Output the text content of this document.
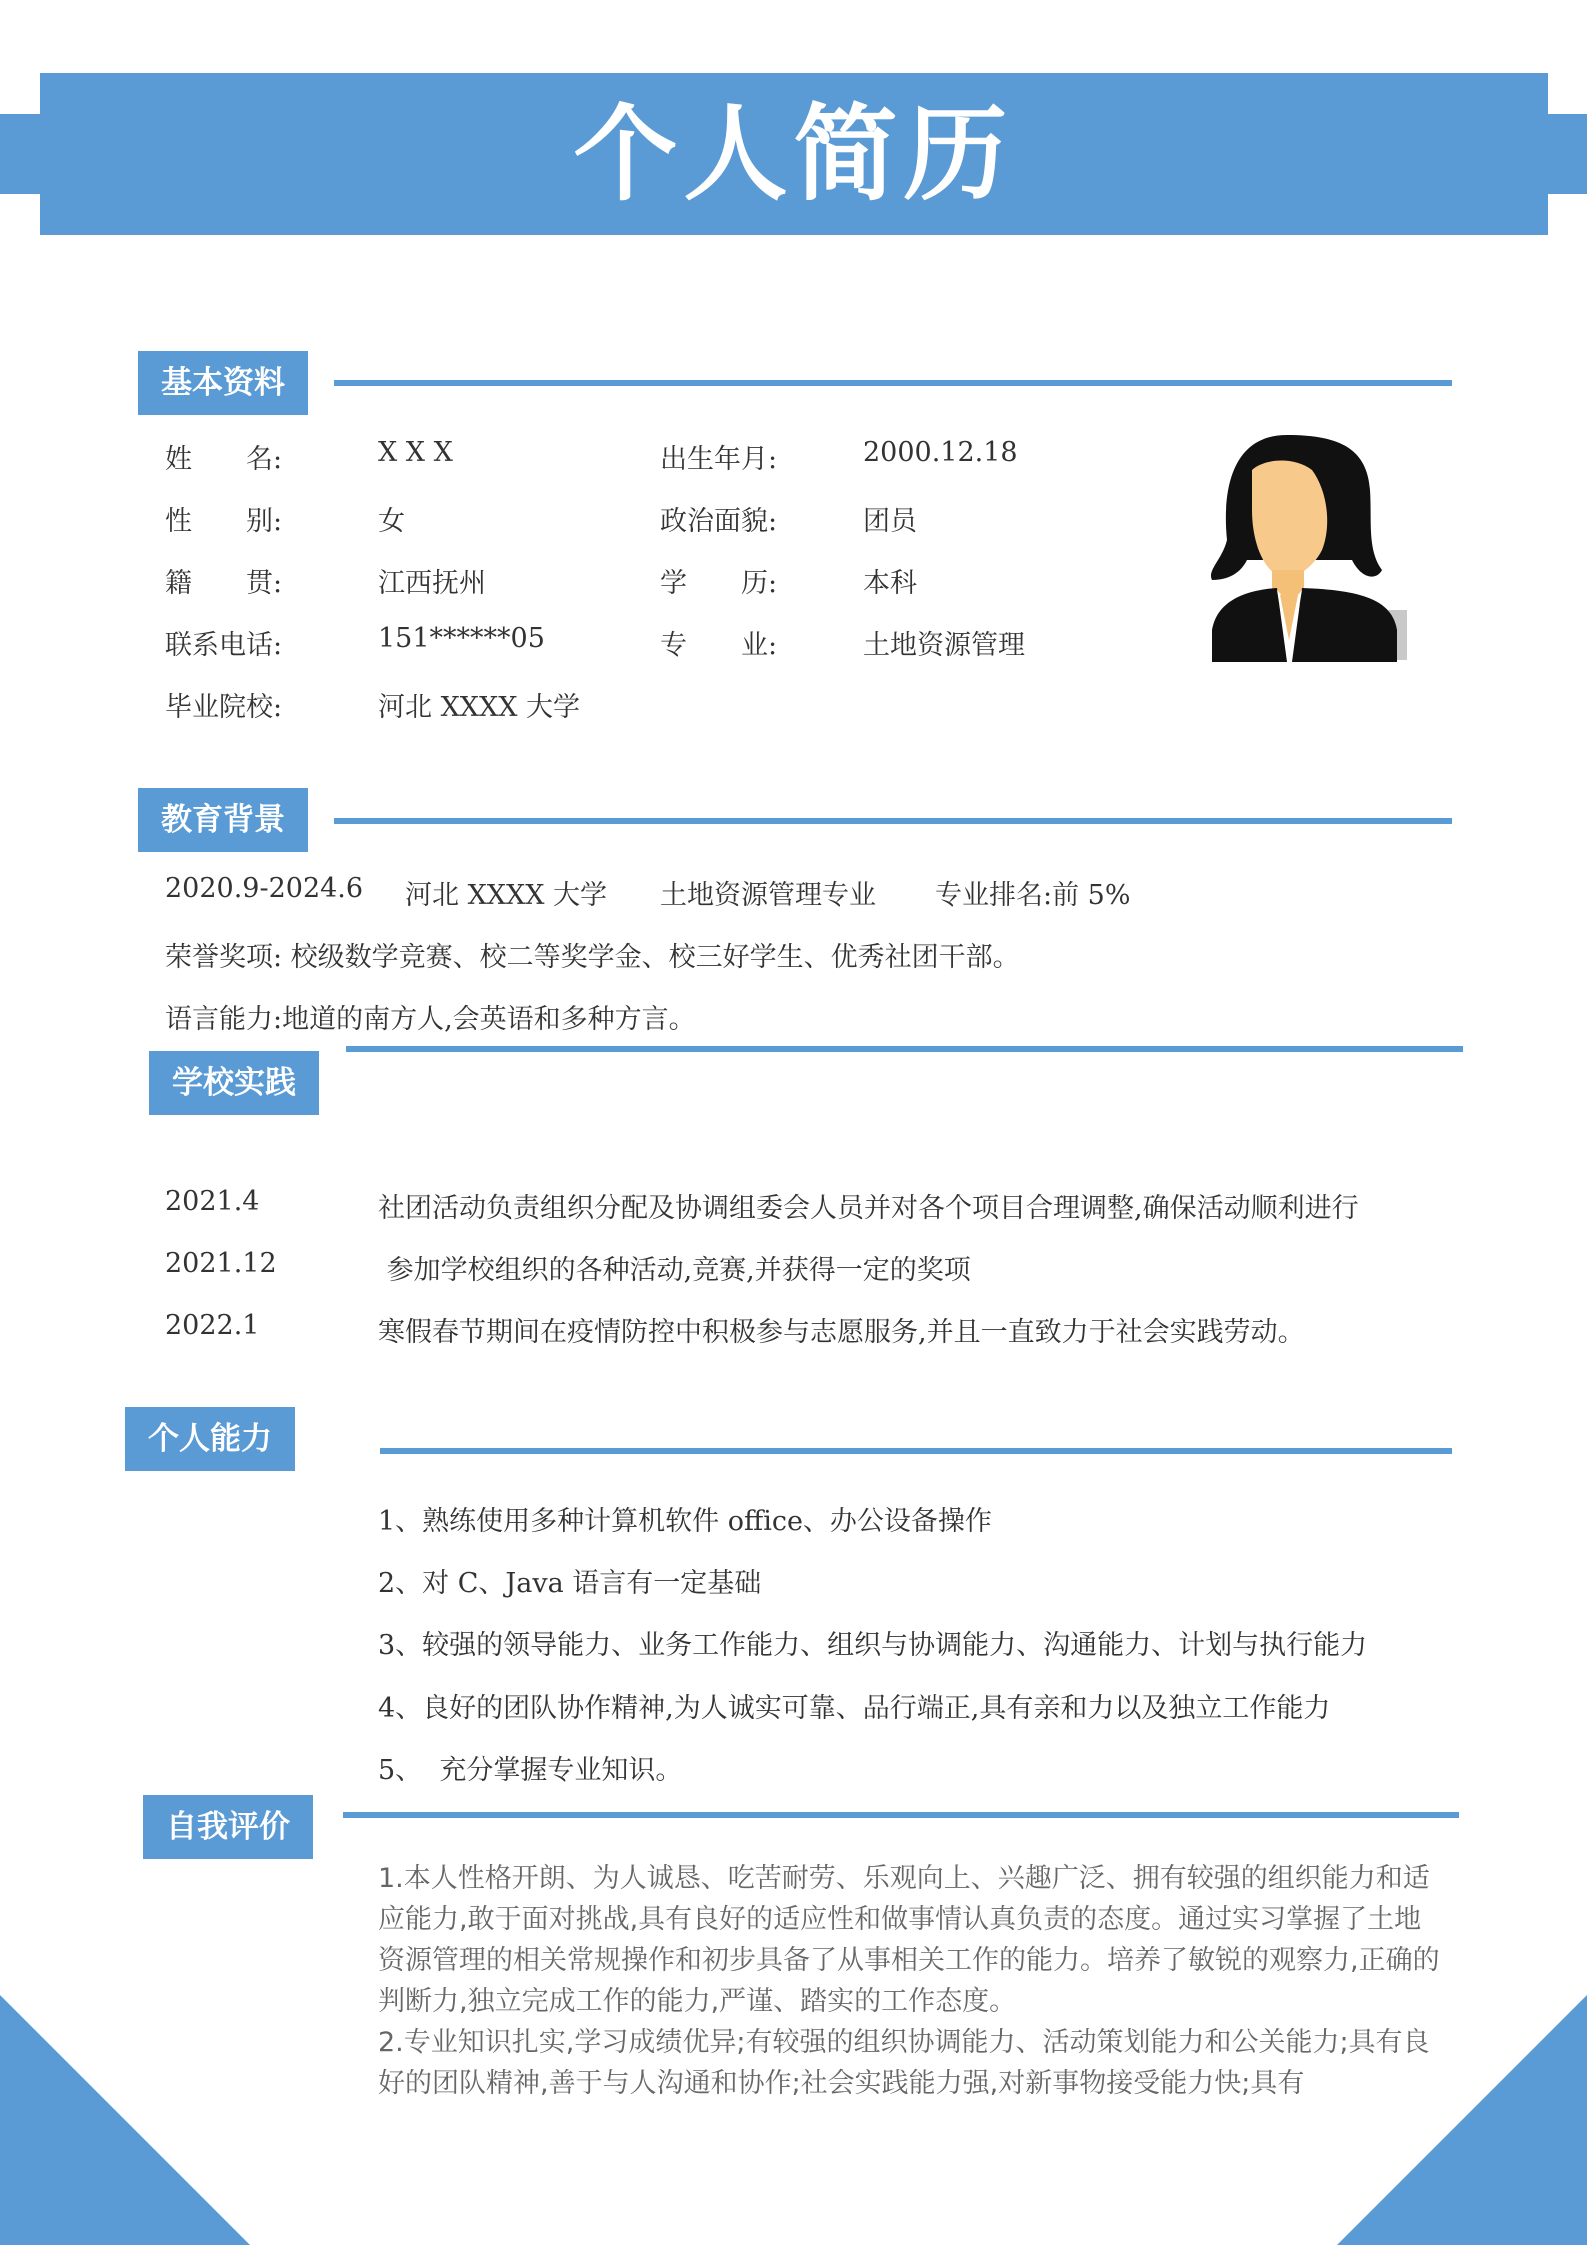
个人简历
基本资料
姓　　名:	X X X	出生年月:	2000.12.18
性　　别:	女	政治面貌:	团员
籍　　贯:	江西抚州	学　　历:	本科
联系电话:	151******05	专　　业:	土地资源管理
毕业院校:	河北 XXXX 大学
教育背景
2020.9-2024.6 河北 XXXX 大学 土地资源管理专业 专业排名:前 5%
荣誉奖项: 校级数学竞赛、校二等奖学金、校三好学生、优秀社团干部。
语言能力:地道的南方人,会英语和多种方言。
学校实践
2021.4	社团活动负责组织分配及协调组委会人员并对各个项目合理调整,确保活动顺利进行
2021.12	参加学校组织的各种活动,竞赛,并获得一定的奖项
2022.1	寒假春节期间在疫情防控中积极参与志愿服务,并且一直致力于社会实践劳动。
个人能力
1、熟练使用多种计算机软件 office、办公设备操作
2、对 C、Java 语言有一定基础
3、较强的领导能力、业务工作能力、组织与协调能力、沟通能力、计划与执行能力
4、良好的团队协作精神,为人诚实可靠、品行端正,具有亲和力以及独立工作能力
5、  充分掌握专业知识。
自我评价
1.本人性格开朗、为人诚恳、吃苦耐劳、乐观向上、兴趣广泛、拥有较强的组织能力和适应能力,敢于面对挑战,具有良好的适应性和做事情认真负责的态度。通过实习掌握了土地资源管理的相关常规操作和初步具备了从事相关工作的能力。培养了敏锐的观察力,正确的判断力,独立完成工作的能力,严谨、踏实的工作态度。
2.专业知识扎实,学习成绩优异;有较强的组织协调能力、活动策划能力和公关能力;具有良好的团队精神,善于与人沟通和协作;社会实践能力强,对新事物接受能力快;具有
